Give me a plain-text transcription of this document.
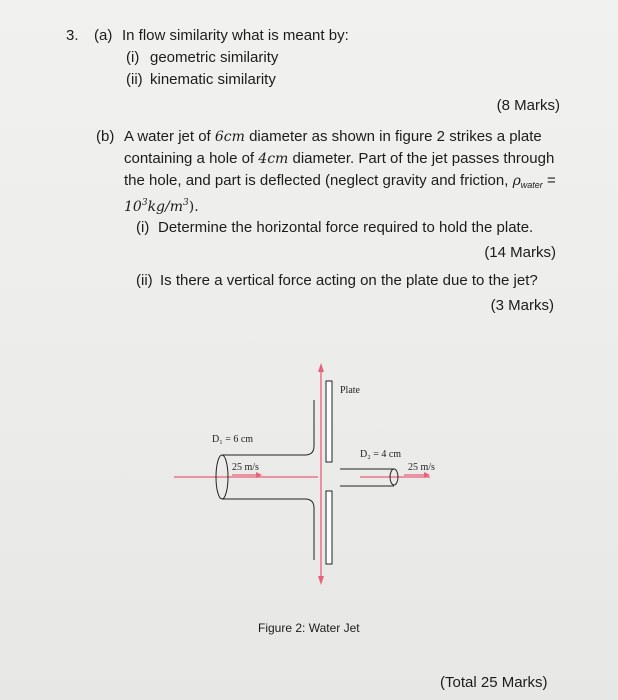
3. (a) In flow similarity what is meant by:
(i) geometric similarity
(ii) kinematic similarity
(8 Marks)
(b) A water jet of 6cm diameter as shown in figure 2 strikes a plate
containing a hole of 4cm diameter. Part of the jet passes through
the hole, and part is deflected (neglect gravity and friction, $\rho_{water}$ =
$10^3kg/m^3$).
(i) Determine the horizontal force required to hold the plate.
(14 Marks)
(ii) Is there a vertical force acting on the plate due to the jet?
(3 Marks)
Plate
D₁ = 6 cm
D₂ = 4 cm
25 m/s	25 m/s
Figure 2: Water Jet
(Total 25 Marks)
